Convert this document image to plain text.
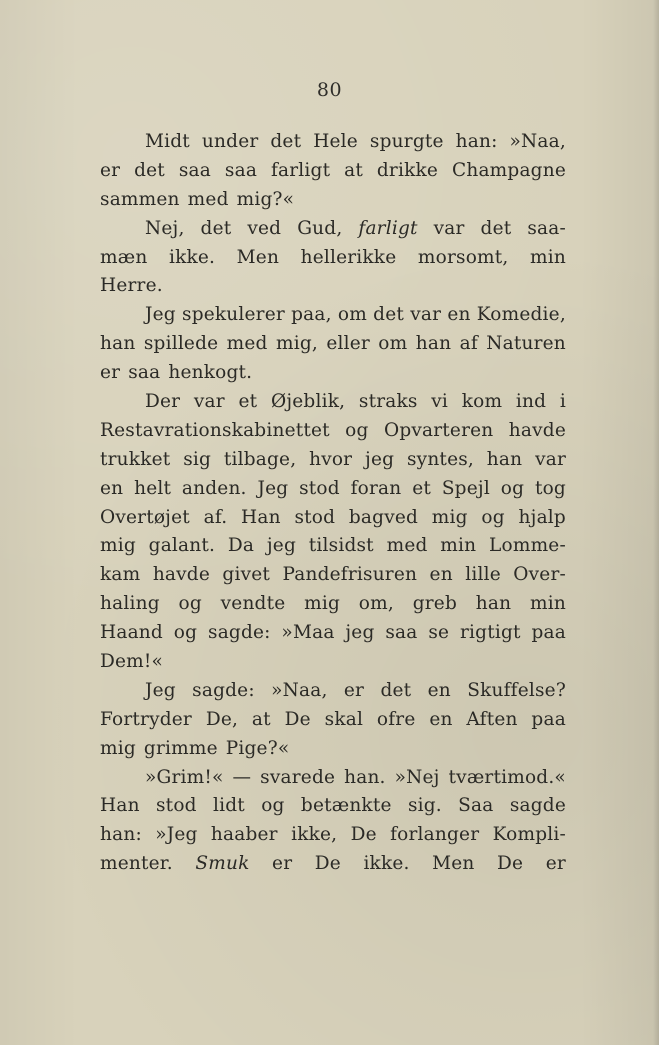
80
Midt under det Hele spurgte han: »Naa,
er det saa saa farligt at drikke Champagne
sammen med mig?«
Nej, det ved Gud, farligt var det saa-
mæn ikke. Men hellerikke morsomt, min
Herre.
Jeg spekulerer paa, om det var en Komedie,
han spillede med mig, eller om han af Naturen
er saa henkogt.
Der var et Øjeblik, straks vi kom ind i
Restavrationskabinettet og Opvarteren havde
trukket sig tilbage, hvor jeg syntes, han var
en helt anden. Jeg stod foran et Spejl og tog
Overtøjet af. Han stod bagved mig og hjalp
mig galant. Da jeg tilsidst med min Lomme-
kam havde givet Pandefrisuren en lille Over-
haling og vendte mig om, greb han min
Haand og sagde: »Maa jeg saa se rigtigt paa
Dem!«
Jeg sagde: »Naa, er det en Skuffelse?
Fortryder De, at De skal ofre en Aften paa
mig grimme Pige?«
»Grim!« — svarede han. »Nej tværtimod.«
Han stod lidt og betænkte sig. Saa sagde
han: »Jeg haaber ikke, De forlanger Kompli-
menter. Smuk er De ikke. Men De er
